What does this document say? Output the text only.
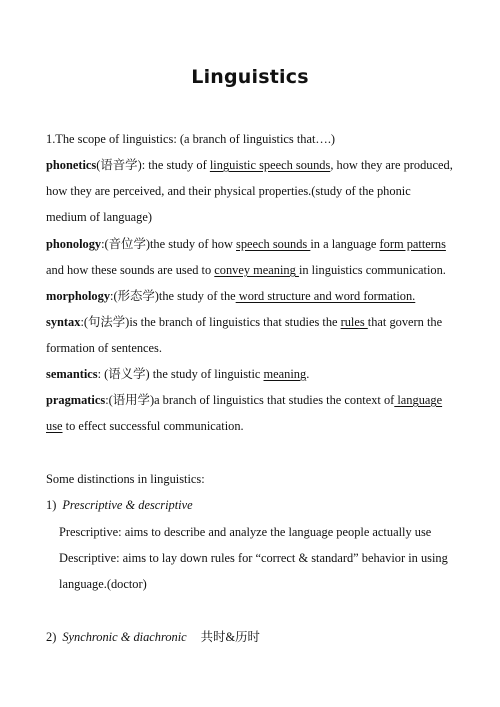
Linguistics
1.The scope of linguistics: (a branch of linguistics that….)
phonetics(语音学): the study of linguistic speech sounds, how they are produced,
how they are perceived, and their physical properties.(study of the phonic
medium of language)
phonology:(音位学)the study of how speech sounds in a language form patterns
and how these sounds are used to convey meaning in linguistics communication.
morphology:(形态学)the study of the word structure and word formation.
syntax:(句法学)is the branch of linguistics that studies the rules that govern the
formation of sentences.
semantics: (语义学) the study of linguistic meaning.
pragmatics:(语用学)a branch of linguistics that studies the context of language
use to effect successful communication.
Some distinctions in linguistics:
1) Prescriptive & descriptive
Prescriptive: aims to describe and analyze the language people actually use
Descriptive: aims to lay down rules for “correct & standard” behavior in using
language.(doctor)
2) Synchronic & diachronic 共时&历时
